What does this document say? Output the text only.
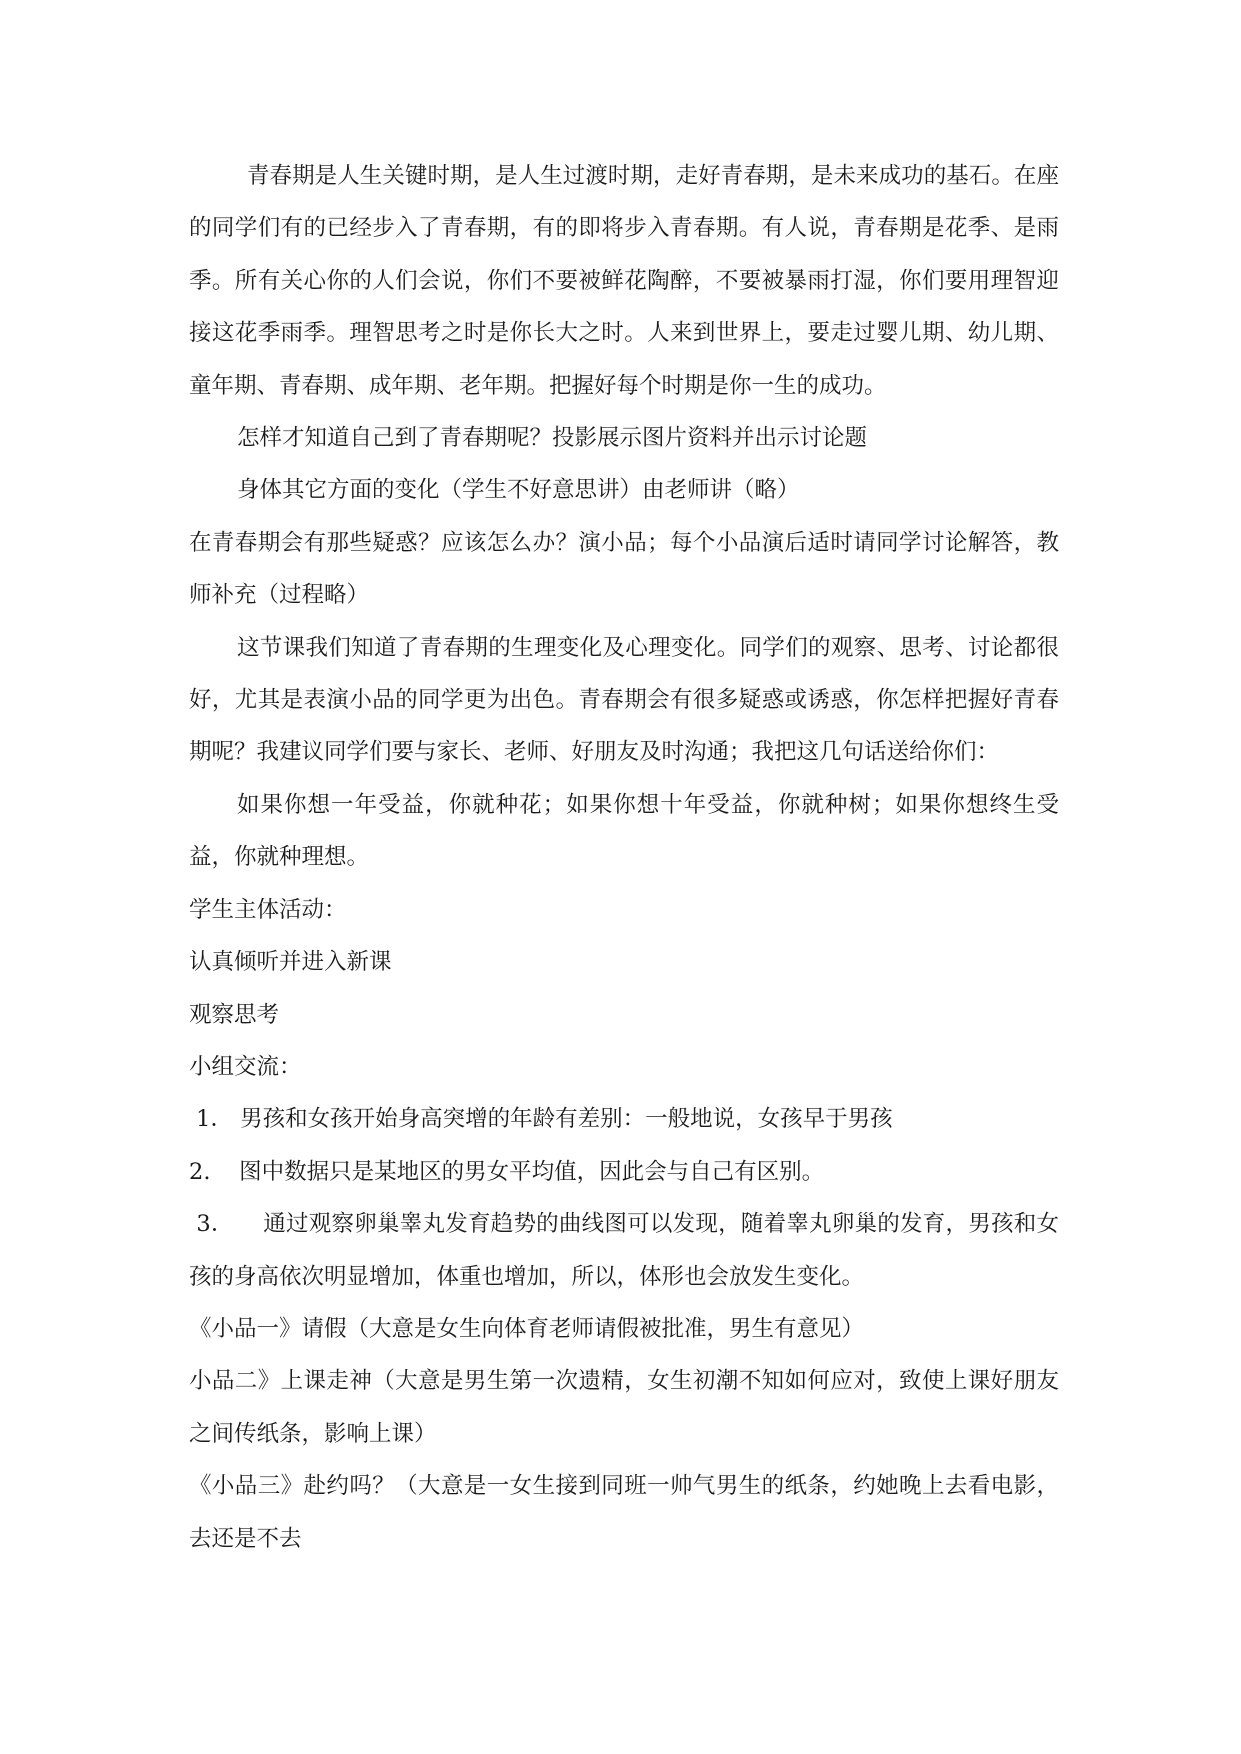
青春期是人生关键时期，是人生过渡时期，走好青春期，是未来成功的基石。在座的同学们有的已经步入了青春期，有的即将步入青春期。有人说，青春期是花季、是雨季。所有关心你的人们会说，你们不要被鲜花陶醉，不要被暴雨打湿，你们要用理智迎接这花季雨季。理智思考之时是你长大之时。人来到世界上，要走过婴儿期、幼儿期、童年期、青春期、成年期、老年期。把握好每个时期是你一生的成功。

怎样才知道自己到了青春期呢？投影展示图片资料并出示讨论题

身体其它方面的变化（学生不好意思讲）由老师讲（略）

在青春期会有那些疑惑？应该怎么办？演小品；每个小品演后适时请同学讨论解答，教师补充（过程略）

这节课我们知道了青春期的生理变化及心理变化。同学们的观察、思考、讨论都很好，尤其是表演小品的同学更为出色。青春期会有很多疑惑或诱惑，你怎样把握好青春期呢？我建议同学们要与家长、老师、好朋友及时沟通；我把这几句话送给你们：

如果你想一年受益，你就种花；如果你想十年受益，你就种树；如果你想终生受益，你就种理想。

学生主体活动：

认真倾听并进入新课

观察思考

小组交流：

1． 男孩和女孩开始身高突增的年龄有差别：一般地说，女孩早于男孩
2. 图中数据只是某地区的男女平均值，因此会与自己有区别。

3．    通过观察卵巢睾丸发育趋势的曲线图可以发现，随着睾丸卵巢的发育，男孩和女孩的身高依次明显增加，体重也增加，所以，体形也会放发生变化。

《小品一》请假（大意是女生向体育老师请假被批准，男生有意见）

小品二》上课走神（大意是男生第一次遗精，女生初潮不知如何应对，致使上课好朋友之间传纸条，影响上课）

《小品三》赴约吗？（大意是一女生接到同班一帅气男生的纸条，约她晚上去看电影，去还是不去
